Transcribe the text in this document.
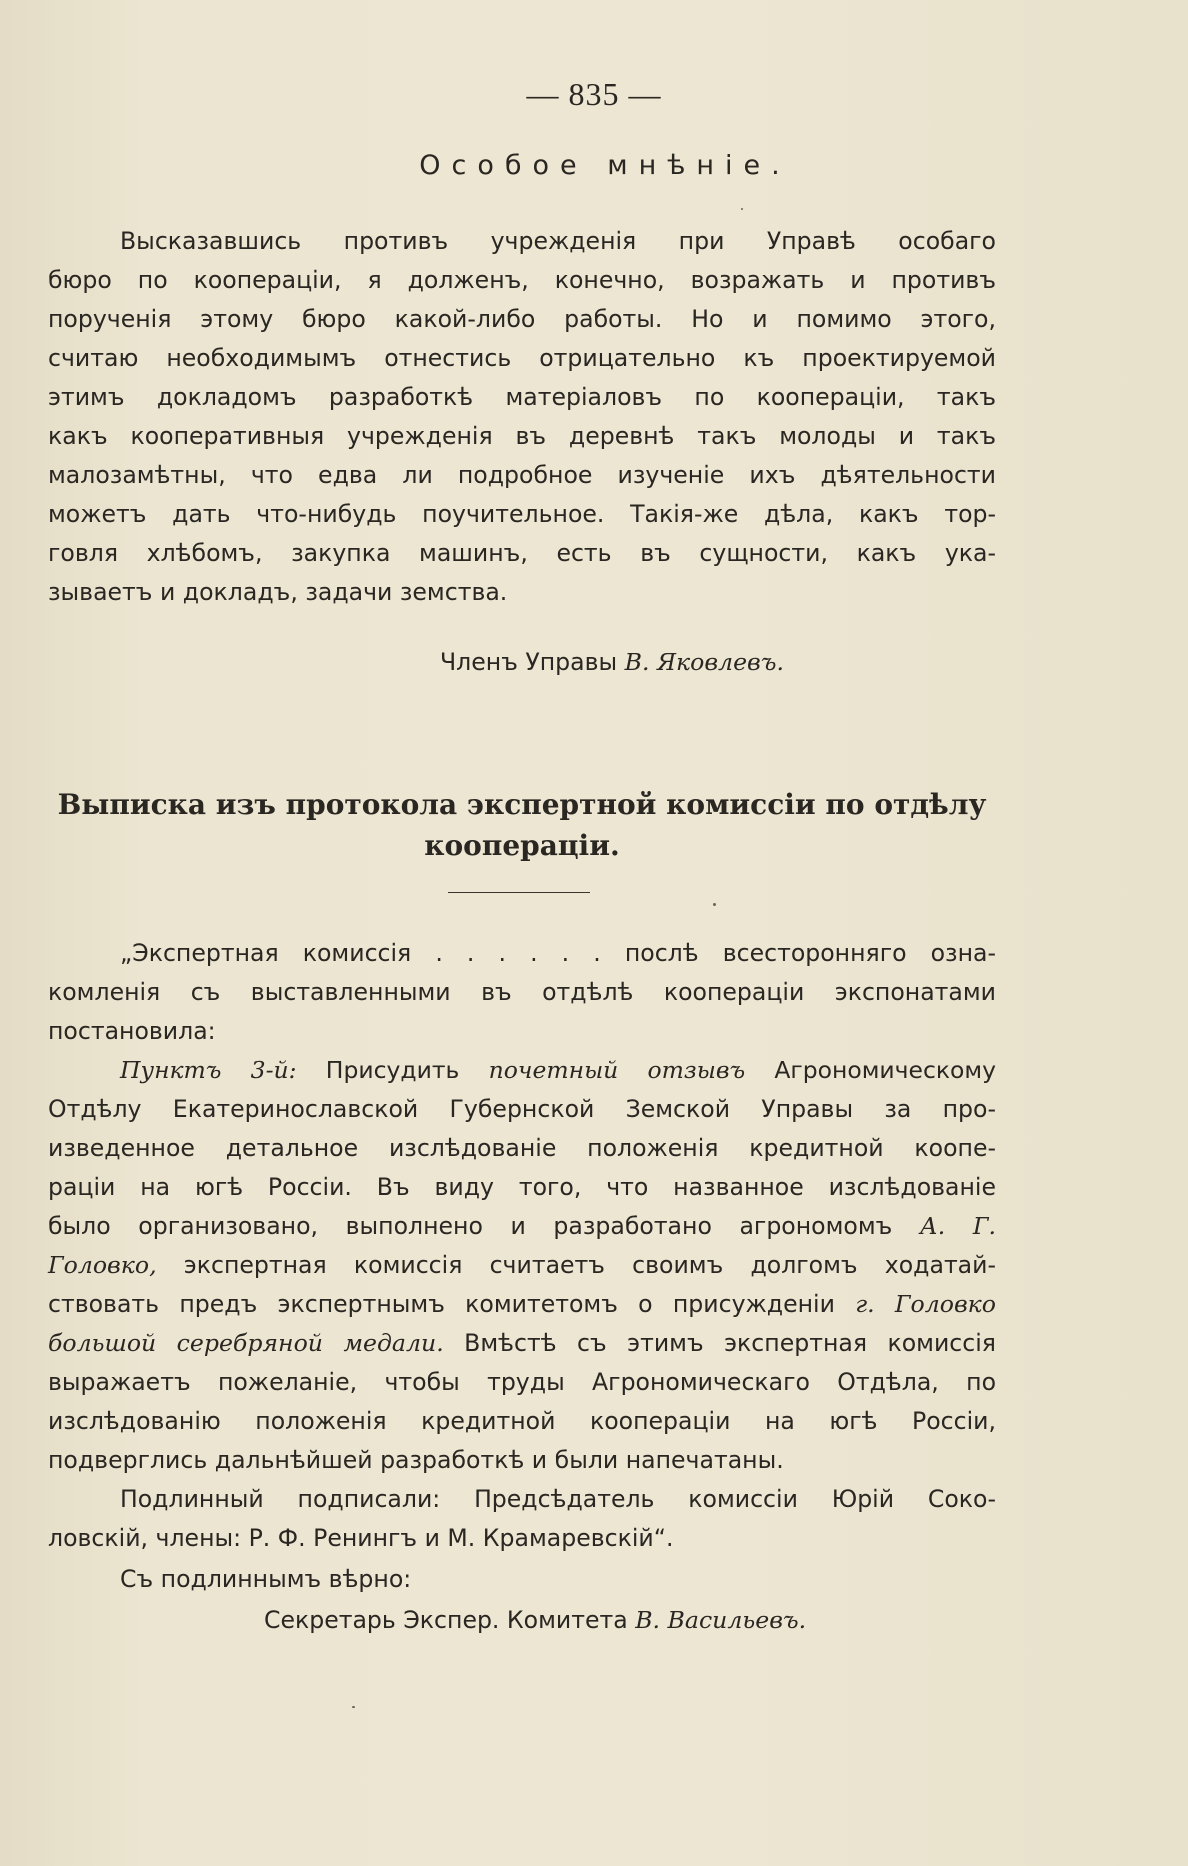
— 835 —
Особое мнѣніе.
Высказавшись противъ учрежденія при Управѣ особаго
бюро по коопераціи, я долженъ, конечно, возражать и противъ
порученія этому бюро какой-либо работы. Но и помимо этого,
считаю необходимымъ отнестись отрицательно къ проектируемой
этимъ докладомъ разработкѣ матеріаловъ по коопераціи, такъ
какъ кооперативныя учрежденія въ деревнѣ такъ молоды и такъ
малозамѣтны, что едва ли подробное изученіе ихъ дѣятельности
можетъ дать что-нибудь поучительное. Такія-же дѣла, какъ тор-
говля хлѣбомъ, закупка машинъ, есть въ сущности, какъ ука-
зываетъ и докладъ, задачи земства.
Членъ Управы В. Яковлевъ.
Выписка изъ протокола экспертной комиссіи по отдѣлу
коопераціи.
„Экспертная комиссія . . . . . . послѣ всесторонняго озна-
комленія съ выставленными въ отдѣлѣ коопераціи экспонатами
постановила:
Пунктъ 3-й: Присудить почетный отзывъ Агрономическому
Отдѣлу Екатеринославской Губернской Земской Управы за про-
изведенное детальное изслѣдованіе положенія кредитной коопе-
раціи на югѣ Россіи. Въ виду того, что названное изслѣдованіе
было организовано, выполнено и разработано агрономомъ А. Г.
Головко, экспертная комиссія считаетъ своимъ долгомъ ходатай-
ствовать предъ экспертнымъ комитетомъ о присужденіи г. Головко
большой серебряной медали. Вмѣстѣ съ этимъ экспертная комиссія
выражаетъ пожеланіе, чтобы труды Агрономическаго Отдѣла, по
изслѣдованію положенія кредитной коопераціи на югѣ Россіи,
подверглись дальнѣйшей разработкѣ и были напечатаны.
Подлинный подписали: Предсѣдатель комиссіи Юрій Соко-
ловскій, члены: Р. Ф. Ренингъ и М. Крамаревскій“.
Съ подлиннымъ вѣрно:
Секретарь Экспер. Комитета В. Васильевъ.
